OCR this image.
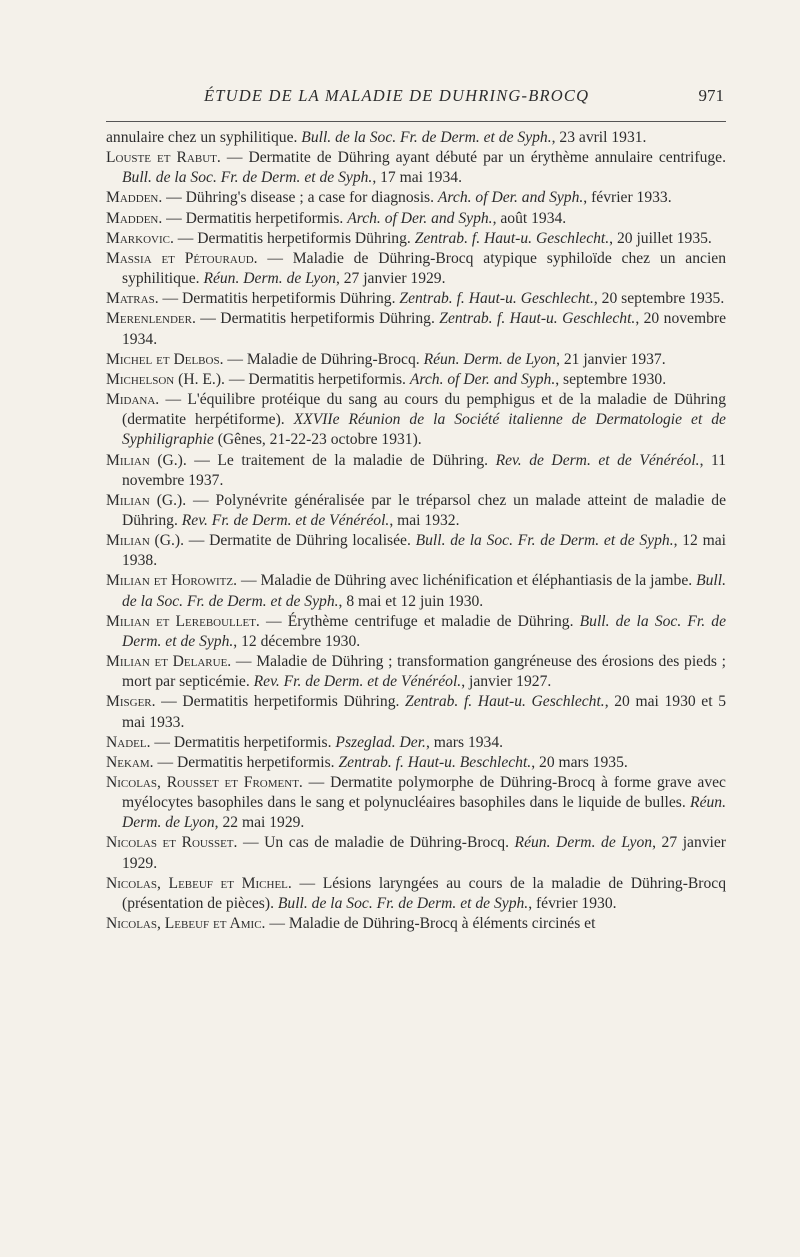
ÉTUDE DE LA MALADIE DE DUHRING-BROCQ	971

annulaire chez un syphilitique. Bull. de la Soc. Fr. de Derm. et de Syph., 23 avril 1931.

Louste et Rabut. — Dermatite de Dühring ayant débuté par un érythème annulaire centrifuge. Bull. de la Soc. Fr. de Derm. et de Syph., 17 mai 1934.

Madden. — Dühring's disease ; a case for diagnosis. Arch. of Der. and Syph., février 1933.

Madden. — Dermatitis herpetiformis. Arch. of Der. and Syph., août 1934.

Markovic. — Dermatitis herpetiformis Dühring. Zentrab. f. Haut-u. Geschlecht., 20 juillet 1935.

Massia et Pétouraud. — Maladie de Dühring-Brocq atypique syphiloïde chez un ancien syphilitique. Réun. Derm. de Lyon, 27 janvier 1929.

Matras. — Dermatitis herpetiformis Dühring. Zentrab. f. Haut-u. Geschlecht., 20 septembre 1935.

Merenlender. — Dermatitis herpetiformis Dühring. Zentrab. f. Haut-u. Geschlecht., 20 novembre 1934.

Michel et Delbos. — Maladie de Dühring-Brocq. Réun. Derm. de Lyon, 21 janvier 1937.

Michelson (H. E.). — Dermatitis herpetiformis. Arch. of Der. and Syph., septembre 1930.

Midana. — L'équilibre protéique du sang au cours du pemphigus et de la maladie de Dühring (dermatite herpétiforme). XXVIIe Réunion de la Société italienne de Dermatologie et de Syphiligraphie (Gênes, 21-22-23 octobre 1931).

Milian (G.). — Le traitement de la maladie de Dühring. Rev. de Derm. et de Vénéréol., 11 novembre 1937.

Milian (G.). — Polynévrite généralisée par le tréparsol chez un malade atteint de maladie de Dühring. Rev. Fr. de Derm. et de Vénéréol., mai 1932.

Milian (G.). — Dermatite de Dühring localisée. Bull. de la Soc. Fr. de Derm. et de Syph., 12 mai 1938.

Milian et Horowitz. — Maladie de Dühring avec lichénification et éléphantiasis de la jambe. Bull. de la Soc. Fr. de Derm. et de Syph., 8 mai et 12 juin 1930.

Milian et Lereboullet. — Érythème centrifuge et maladie de Dühring. Bull. de la Soc. Fr. de Derm. et de Syph., 12 décembre 1930.

Milian et Delarue. — Maladie de Dühring ; transformation gangréneuse des érosions des pieds ; mort par septicémie. Rev. Fr. de Derm. et de Vénéréol., janvier 1927.

Misger. — Dermatitis herpetiformis Dühring. Zentrab. f. Haut-u. Geschlecht., 20 mai 1930 et 5 mai 1933.

Nadel. — Dermatitis herpetiformis. Pszeglad. Der., mars 1934.

Nekam. — Dermatitis herpetiformis. Zentrab. f. Haut-u. Beschlecht., 20 mars 1935.

Nicolas, Rousset et Froment. — Dermatite polymorphe de Dühring-Brocq à forme grave avec myélocytes basophiles dans le sang et polynucléaires basophiles dans le liquide de bulles. Réun. Derm. de Lyon, 22 mai 1929.

Nicolas et Rousset. — Un cas de maladie de Dühring-Brocq. Réun. Derm. de Lyon, 27 janvier 1929.

Nicolas, Lebeuf et Michel. — Lésions laryngées au cours de la maladie de Dühring-Brocq (présentation de pièces). Bull. de la Soc. Fr. de Derm. et de Syph., février 1930.

Nicolas, Lebeuf et Amic. — Maladie de Dühring-Brocq à éléments circinés et
